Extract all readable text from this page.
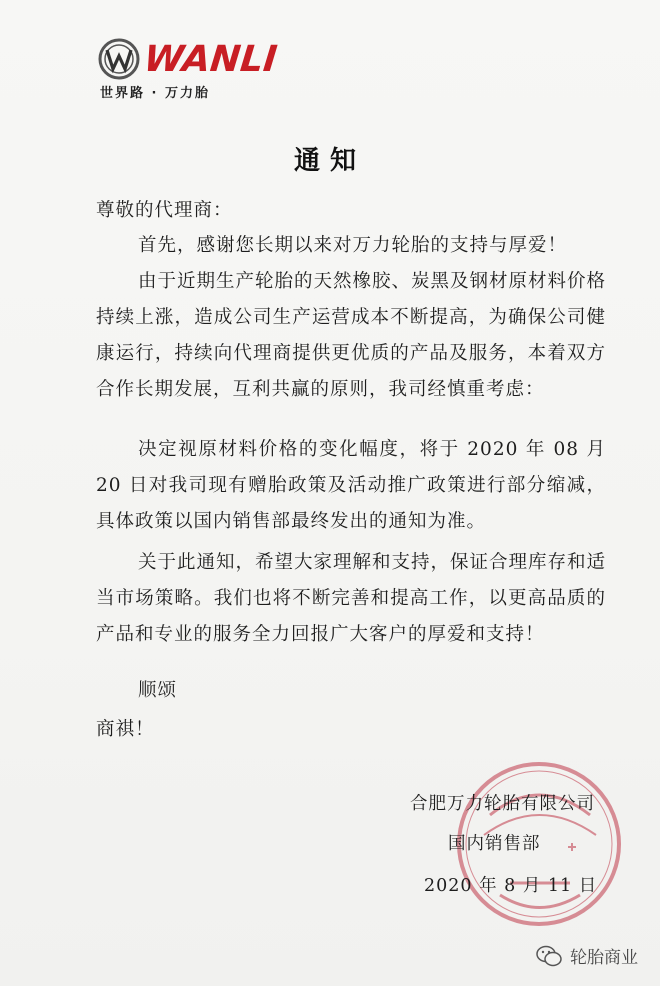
WANLI
世界路 · 万力胎
通知
尊敬的代理商：
首先，感谢您长期以来对万力轮胎的支持与厚爱！
由于近期生产轮胎的天然橡胶、炭黑及钢材原材料价格持续上涨，造成公司生产运营成本不断提高，为确保公司健康运行，持续向代理商提供更优质的产品及服务，本着双方合作长期发展，互利共赢的原则，我司经慎重考虑：
决定视原材料价格的变化幅度，将于 2020 年 08 月 20 日对我司现有赠胎政策及活动推广政策进行部分缩减，具体政策以国内销售部最终发出的通知为准。
关于此通知，希望大家理解和支持，保证合理库存和适当市场策略。我们也将不断完善和提高工作，以更高品质的产品和专业的服务全力回报广大客户的厚爱和支持！
顺颂
商祺！
合肥万力轮胎有限公司
国内销售部
2020 年 8 月 11 日
轮胎商业
